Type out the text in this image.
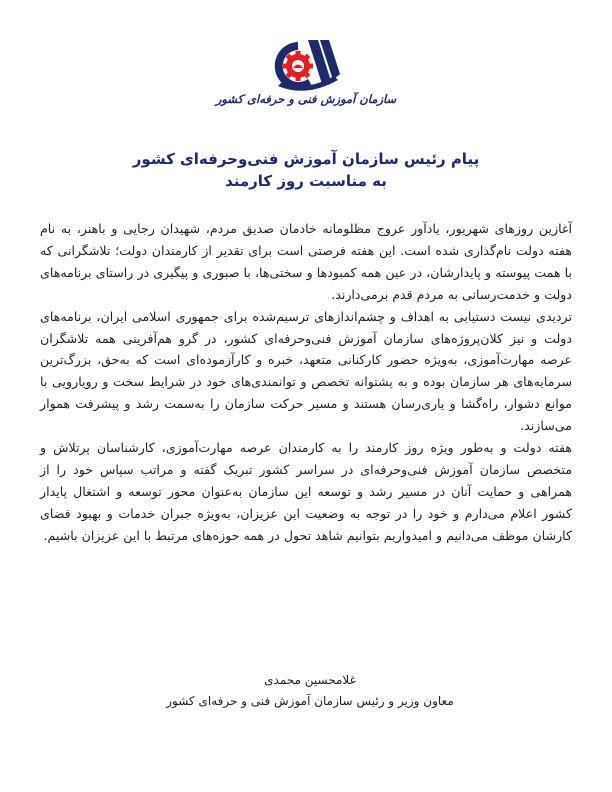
سازمان آموزش فنی و حرفه‌ای کشور
پیام رئیس سازمان آموزش فنی‌وحرفه‌ای کشور
به مناسبت روز کارمند

آغازین روزهای شهریور، یادآور عروج مظلومانه خادمان صدیق مردم، شهیدان رجایی و باهنر، به نام هفته دولت نام‌گذاری شده است. این هفته فرصتی است برای تقدیر از کارمندان دولت؛ تلاشگرانی که با همت پیوسته و پایدارشان، در عین همه کمبودها و سختی‌ها، با صبوری و پیگیری در راستای برنامه‌های دولت و خدمت‌رسانی به مردم قدم برمی‌دارند.

تردیدی نیست دستیابی به اهداف و چشم‌اندازهای ترسیم‌شده برای جمهوری اسلامی ایران، برنامه‌های دولت و نیز کلان‌پروژه‌های سازمان آموزش فنی‌وحرفه‌ای کشور، در گرو هم‌آفرینی همه تلاشگران عرصه مهارت‌آموزی، به‌ویژه حضور کارکنانی متعهد، خبره و کارآزموده‌ای است که به‌حق، بزرگ‌ترین سرمایه‌های هر سازمان بوده و به پشتوانه تخصص و توانمندی‌های خود در شرایط سخت و رویارویی با موانع دشوار، راه‌گشا و یاری‌رسان هستند و مسیر حرکت سازمان را به‌سمت رشد و پیشرفت هموار می‌سازند.

هفته دولت و به‌طور ویژه روز کارمند را به کارمندان عرصه مهارت‌آموزی، کارشناسان پرتلاش و متخصص سازمان آموزش فنی‌وحرفه‌ای در سراسر کشور تبریک گفته و مراتب سپاس خود را از همراهی و حمایت آنان در مسیر رشد و توسعه این سازمان به‌عنوان محور توسعه و اشتغال پایدار کشور اعلام می‌دارم و خود را در توجه به وضعیت این عزیزان، به‌ویژه جبران خدمات و بهبود فضای کارشان موظف می‌دانیم و امیدواریم بتوانیم شاهد تحول در همه حوزه‌های مرتبط با این عزیزان باشیم.

غلامحسین محمدی
معاون وزیر و رئیس سازمان آموزش فنی و حرفه‌ای کشور
